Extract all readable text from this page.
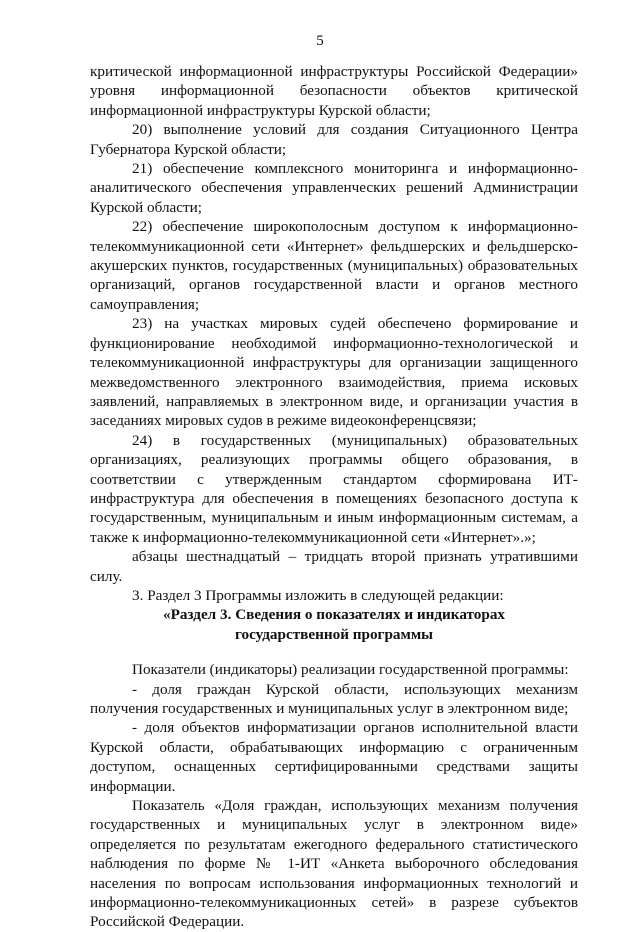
5

критической информационной инфраструктуры Российской Федерации» уровня информационной безопасности объектов критической информационной инфраструктуры Курской области;

20) выполнение условий для создания Ситуационного Центра Губернатора Курской области;

21) обеспечение комплексного мониторинга и информационно-аналитического обеспечения управленческих решений Администрации Курской области;

22) обеспечение широкополосным доступом к информационно-телекоммуникационной сети «Интернет» фельдшерских и фельдшерско-акушерских пунктов, государственных (муниципальных) образовательных организаций, органов государственной власти и органов местного самоуправления;

23) на участках мировых судей обеспечено формирование и функционирование необходимой информационно-технологической и телекоммуникационной инфраструктуры для организации защищенного межведомственного электронного взаимодействия, приема исковых заявлений, направляемых в электронном виде, и организации участия в заседаниях мировых судов в режиме видеоконференцсвязи;

24) в государственных (муниципальных) образовательных организациях, реализующих программы общего образования, в соответствии с утвержденным стандартом сформирована ИТ-инфраструктура для обеспечения в помещениях безопасного доступа к государственным, муниципальным и иным информационным системам, а также к информационно-телекоммуникационной сети «Интернет».»;

абзацы шестнадцатый – тридцать второй признать утратившими силу.

3. Раздел 3 Программы изложить в следующей редакции:

«Раздел 3. Сведения о показателях и индикаторах

государственной программы

Показатели (индикаторы) реализации государственной программы:

- доля граждан Курской области, использующих механизм получения государственных и муниципальных услуг в электронном виде;

- доля объектов информатизации органов исполнительной власти Курской области, обрабатывающих информацию с ограниченным доступом, оснащенных сертифицированными средствами защиты информации.

Показатель «Доля граждан, использующих механизм получения государственных и муниципальных услуг в электронном виде» определяется по результатам ежегодного федерального статистического наблюдения по форме № 1-ИТ «Анкета выборочного обследования населения по вопросам использования информационных технологий и информационно-телекоммуникационных сетей» в разрезе субъектов Российской Федерации.
